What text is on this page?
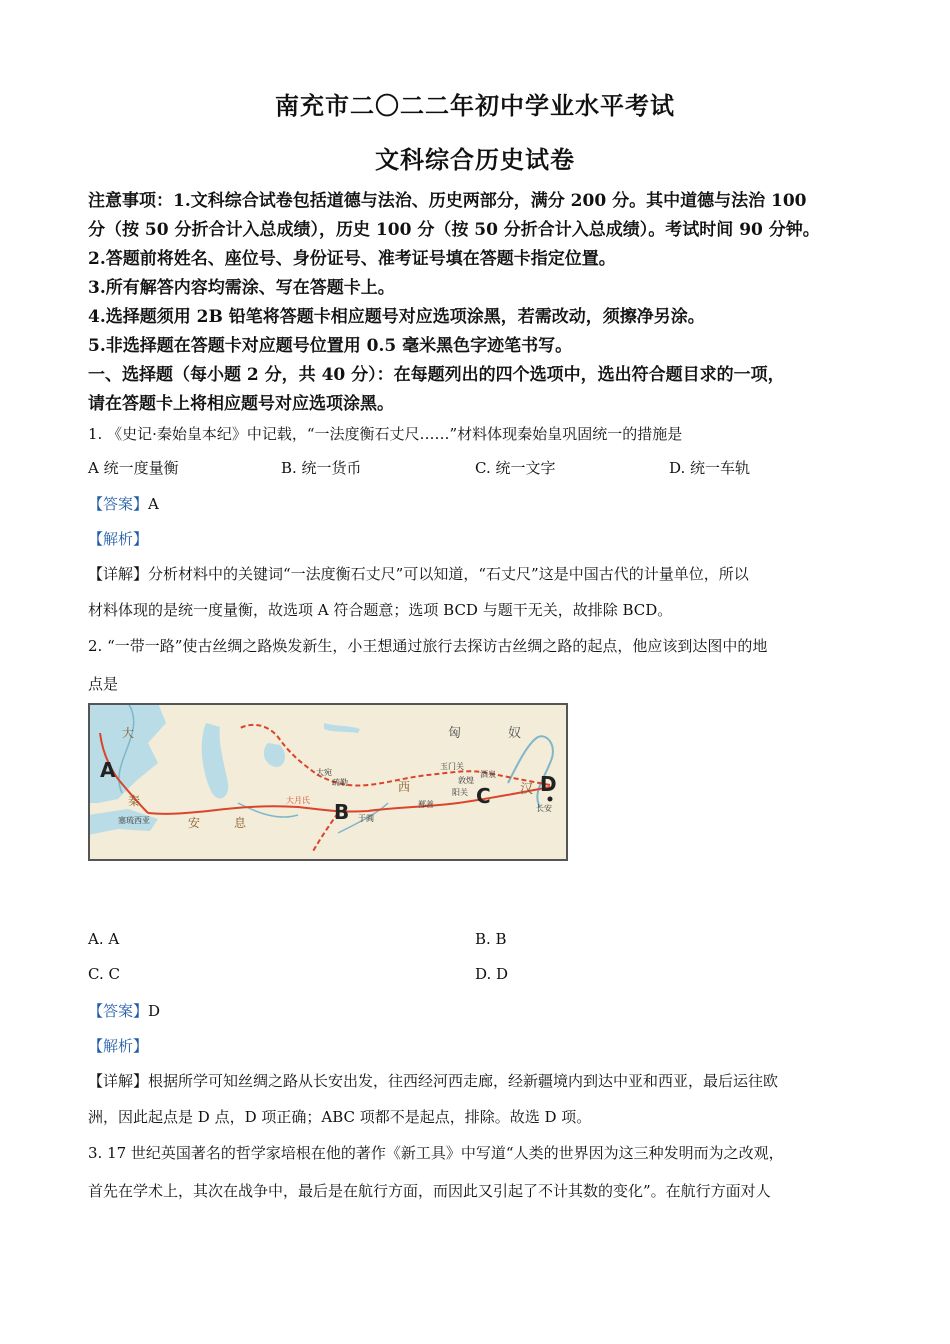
南充市二〇二二年初中学业水平考试
文科综合历史试卷
注意事项：1.文科综合试卷包括道德与法治、历史两部分，满分 200 分。其中道德与法治 100
分（按 50 分折合计入总成绩），历史 100 分（按 50 分折合计入总成绩）。考试时间 90 分钟。
2.答题前将姓名、座位号、身份证号、准考证号填在答题卡指定位置。
3.所有解答内容均需涂、写在答题卡上。
4.选择题须用 2B 铅笔将答题卡相应题号对应选项涂黑，若需改动，须擦净另涂。
5.非选择题在答题卡对应题号位置用 0.5 毫米黑色字迹笔书写。
一、选择题（每小题 2 分，共 40 分）：在每题列出的四个选项中，选出符合题目求的一项，
请在答题卡上将相应题号对应选项涂黑。
1. 《史记·秦始皇本纪》中记载，“一法度衡石丈尺……”材料体现秦始皇巩固统一的措施是
A 统一度量衡	B. 统一货币	C. 统一文字	D. 统一车轨
【答案】A
【解析】
【详解】分析材料中的关键词“一法度衡石丈尺”可以知道，“石丈尺”这是中国古代的计量单位，所以
材料体现的是统一度量衡，故选项 A 符合题意；选项 BCD 与题干无关，故排除 BCD。
2. “一带一路”使古丝绸之路焕发新生，小王想通过旅行去探访古丝绸之路的起点，他应该到达图中的地
点是
匈	奴
大
秦
安	息
大宛
疏勒
大月氏
于阗
西
鄯善
阳关
敦煌
玉门关
酒泉
汉
长安
塞琉西亚
A
B
C D
A. A	B. B
C. C	D. D
【答案】D
【解析】
【详解】根据所学可知丝绸之路从长安出发，往西经河西走廊，经新疆境内到达中亚和西亚，最后运往欧
洲，因此起点是 D 点，D 项正确；ABC 项都不是起点，排除。故选 D 项。
3. 17 世纪英国著名的哲学家培根在他的著作《新工具》中写道“人类的世界因为这三种发明而为之改观，
首先在学术上，其次在战争中，最后是在航行方面，而因此又引起了不计其数的变化”。在航行方面对人
